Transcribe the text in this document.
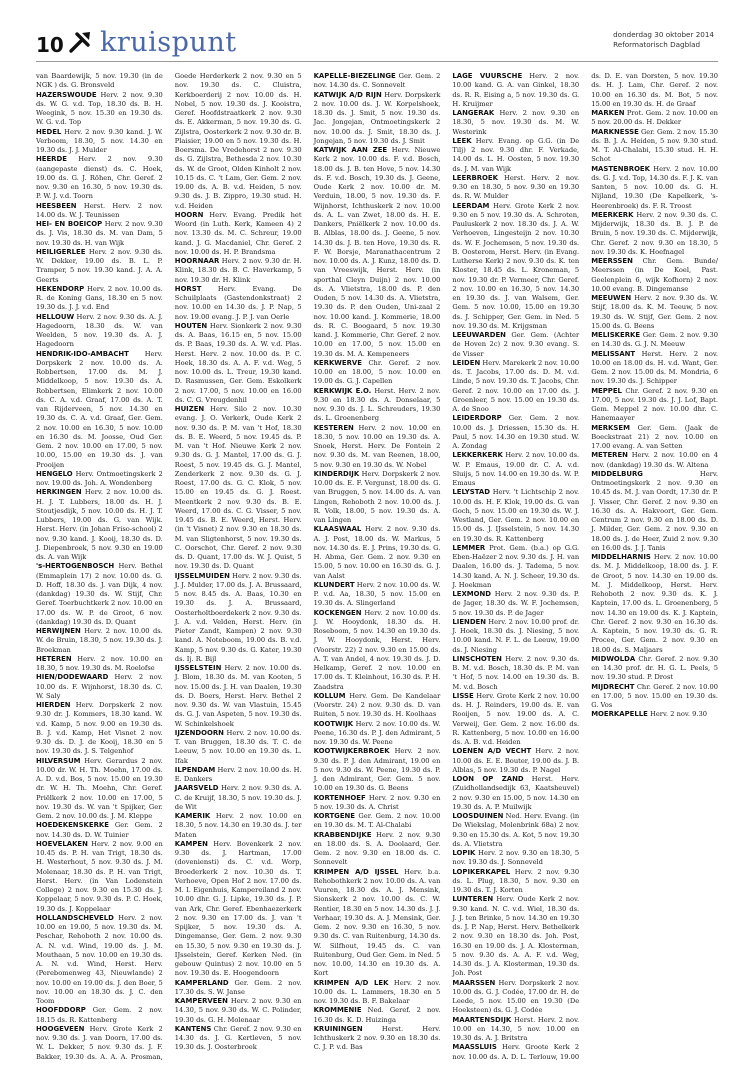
10 kruispunt	donderdag 30 oktober 2014
Reformatorisch Dagblad

van Baardewijk, 5 nov. 19.30 (in de NGK ) ds. G. Bronsveld

HAZERSWOUDE Herv. 2 nov. 9.30 ds. W. G. v.d. Top, 18.30 ds. B. H. Weegink, 5 nov. 15.30 en 19.30 ds. W. G. v.d. Top

HEDEL Herv. 2 nov. 9.30 kand. J. W. Verboom, 18.30, 5 nov. 14.30 en 19.30 ds. J. J. Mulder

HEERDE Herv. 2 nov. 9.30 (aangepaste dienst) ds. C. Hoek, 19.00 ds. G. J. Röhen, Chr. Geref. 2 nov. 9.30 en 16.30, 5 nov. 19.30 ds. P. W. J. v.d. Toorn

HEESBEEN Herst. Herv. 2 nov. 14.00 ds. W. J. Teunissen

HEI- EN BOEICOP Herv. 2 nov. 9.30 ds. J. Vis, 18.30 ds. M. van Dam, 5 nov. 19.30 ds. H. van Wijk

HEILIGERLEE Herv. 2 nov. 9.30 ds. W. Dekker, 19.00 ds. B. L. P. Tramper, 5 nov. 19.30 kand. J. A. A. Geerts

HEKENDORP Herv. 2 nov. 10.00 ds. R. de Koning Gans, 18.30 en 5 nov. 19.30 ds. J. J. v.d. End

HELLOUW Herv. 2 nov. 9.30 ds. A. J. Hagedoorn, 18.30 ds. W. van Weelden, 5 nov. 19.30 ds. A. J. Hagedoorn

HENDRIK-IDO-AMBACHT Herv. Dorpskerk 2 nov. 10.00 ds. A. Robbertsen, 17.00 ds. M. J. Middelkoop, 5 nov. 19.30 ds. A. Robbertsen, Elimkerk 2 nov. 10.00 ds. C. A. v.d. Graaf, 17.00 ds. A. T. van Rijderveen, 5 nov. 14.30 en 19.30 ds. C. A. v.d. Graaf, Ger. Gem. 2 nov. 10.00 en 16.30, 5 nov. 10.00 en 16.30 ds. M. Joosse, Oud Ger. Gem. 2 nov. 10.00 en 17.00, 5 nov. 10.00, 15.00 en 19.30 ds. J. van Prooijen

HENGELO Herv. Ontmoetingskerk 2 nov. 19.00 ds. Joh. A. Wondenberg

HERKINGEN Herv. 2 nov. 10.00 ds. H. J. T. Lubbers, 18.00 ds. H. J. Stoutjesdijk, 5 nov. 10.00 ds. H. J. T. Lubbers, 19.00 ds. G. van Wijk. Herst. Herv. (in Johan Friso-school) 2 nov. 9.30 kand. J. Kooij, 18.30 ds. D. J. Diepenbroek, 5 nov. 9.30 en 19.00 ds. A. van Wijk

's-HERTOGENBOSCH Herv. Bethel (Emmaplein 17) 2 nov. 10.00 ds. G. D. Hoff, 18.30 ds. J. van Dijk, 4 nov. (dankdag) 19.30 ds. W. Stijf, Chr. Geref. Toerbuchtkerk 2 nov. 10.00 en 17.00 ds. W. P. de Groot, 6 nov. (dankdag) 19.30 ds. D. Quant

HERWIJNEN Herv. 2 nov. 10.00 ds. W. de Bruin, 18.30, 5 nov. 19.30 ds. J. Broekman

HETEREN Herv. 2 nov. 10.00 en 18.30, 5 nov. 19.30 ds. M. Roelofse

HIEN/DODEWAARD Herv. 2 nov. 10.00 ds. F. Wijnhorst, 18.30 ds. C. W. Saly

HIERDEN Herv. Dorpskerk 2 nov. 9.30 dr. J. Kommers, 18.30 kand. W. v.d. Kamp, 5 nov. 9.00 en 19.30 ds. B. J. v.d. Kamp, Het Visnet 2 nov. 9.30 ds. D. J. de Kooij, 18.30 en 5 nov. 19.30 ds. J. S. Telgenhof

HILVERSUM Herv. Gerardus 2 nov. 10.00 dr. W. H. Th. Moehn, 17.00 ds. A. D. v.d. Bos, 5 nov. 15.00 en 19.30 dr. W. H. Th. Moehn, Chr. Geref. Priëlkerk 2 nov. 10.00 en 17.00, 5 nov. 19.30 ds. W. van 't Spijker, Ger. Gem. 2 nov. 10.00 ds. J. M. Kleppe

HOEDEKENSKERKE Ger. Gem. 2 nov. 14.30 ds. D. W. Tuinier

HOEVELAKEN Herv. 2 nov. 9.00 en 10.45 ds. P. H. van Trigt, 18.30 ds. H. Westerhout, 5 nov. 9.30 ds. J. M. Molenaar, 18.30 ds. P. H. van Trigt, Herst. Herv. (in Van Lodenstein College) 2 nov. 9.30 en 15.30 ds. J. Koppelaar, 5 nov. 9.30 ds. P. C. Hoek, 19.30 ds. J. Koppelaar

HOLLANDSCHEVELD Herv. 2 nov. 10.00 en 19.00, 5 nov. 19.30 ds. M. Peschar, Rehoboth 2 nov. 10.00 ds. A. N. v.d. Wind, 19.00 ds. J. M. Mouthaan, 5 nov. 10.00 en 19.30 ds. A. N. v.d. Wind, Herst. Herv. (Perebomenweg 43, Nieuwlande) 2 nov. 10.00 en 19.00 ds. J. den Boer, 5 nov. 10.00 en 18.30 ds. J. C. den Toom

HOOFDDORP Ger. Gem. 2 nov. 18.15 ds. R. Kattenberg

HOOGEVEEN Herv. Grote Kerk 2 nov. 9.30 ds. J. van Doorn, 17.00 ds. W. L. Dekker, 5 nov. 9.30 ds. J. F. Bakker, 19.30 ds. A. A. A. Prosman, Goede Herderkerk 2 nov. 9.30 en 5 nov. 19.30 ds. C. Cluistra, Kerkboerderij 2 nov. 10.00 ds. H. Nobel, 5 nov. 19.30 ds. J. Kooistra, Geref. Hoofdstraatkerk 2 nov. 9.30 ds. E. Akkerman, 5 nov. 19.30 ds. G. Zijlstra, Oosterkerk 2 nov. 9.30 dr. B. Plaisier, 19.00 en 5 nov. 19.30 ds. H. Boersma. De Vredehorst 2 nov. 9.30 ds. G. Zijlstra, Bethesda 2 nov. 10.30 ds. W. de Groot, Olden Kinholt 2 nov. 10.15 ds. C. 't Lam, Ger. Gem. 2 nov. 19.00 ds. A. B. v.d. Heiden, 5 nov. 9.30 ds. J. B. Zippro, 19.30 stud. H. v.d. Heiden

HOORN Herv. Evang. Predik het Woord (in Luth. Kerk, Kameen 4) 2 nov. 13.30 ds. M. C. Schreur, 19.00 kand. J. G. Macdaniel, Chr. Geref. 2 nov. 10.00 ds. H. P. Brandsma

HOORNAAR Herv. 2 nov. 9.30 dr. H. Klink, 18.30 ds. B. C. Haverkamp, 5 nov. 19.30 dr. H. Klink

HORST Herv. Evang. De Schuilplaats (Gastendonkstraat) 2 nov. 10.00 en 14.30 ds. J. P. Nap, 5 nov. 19.00 evang. J. P. J. van Oerle

HOUTEN Herv. Sionkerk 2 nov. 9.30 ds. A. Baas, 16.15 en, 5 nov. 15.00 ds. P. Baas, 19.30 ds. A. W. v.d. Plas. Herst. Herv. 2 nov. 10.00 ds. P. C. Hoek, 18.30 ds. A. A. F. v.d. Weg, 5 nov. 10.00 ds. L. Treur, 19.30 kand. D. Rasmussen, Ger. Gem. Eskolkerk 2 nov. 17.00, 5 nov. 10.00 en 16.00 ds. C. G. Vreugdenhil

HUIZEN Herv. Silo 2 nov. 10.30 evang. J. O. Verkerk, Oude Kerk 2 nov. 9.30 ds. P. M. van 't Hof, 18.30 ds. B. E. Weerd, 5 nov. 19.45 ds. P. M. van 't Hof. Nieuwe Kerk 2 nov. 9.30 ds. G. J. Mantel, 17.00 ds. G. J. Roest, 5 nov. 19.45 ds. G. J. Mantel, Zenderkerk 2 nov. 9.30 ds. G. J. Roest, 17.00 ds. G. C. Klok, 5 nov. 15.00 en 19.45 ds. G. J. Roest. Meentkerk 2 nov. 9.30 ds. B. E. Weerd, 17.00 ds. C. G. Visser, 5 nov. 19.45 ds. B. E. Weerd, Herst. Herv. (in 't Visnet) 2 nov. 9.30 en 18.30 ds. M. van Sligtenhorst, 5 nov. 19.30 ds. C. Oorschot, Chr. Geref. 2 nov. 9.30 ds. D. Quant, 17.00 ds. W. J. Quist, 5 nov. 19.30 ds. D. Quant

IJSSELMUIDEN Herv. 2 nov. 9.30 ds. J. J. Mulder, 17.00 ds. J. A. Brussaard, 5 nov. 8.45 ds. A. Baas, 10.30 en 19.30 ds. J. A. Brussaard, Oosterholtboerdekerk 2 nov. 9.30 ds. J. A. v.d. Velden, Herst. Herv. (in Pieter Zandt, Kampen) 2 nov. 9.30 kand. A. Noteboom, 19.00 ds. B. v.d. Kamp, 5 nov. 9.30 ds. G. Kater, 19.30 ds. Ij. R. Bijl

IJSSELSTEIN Herv. 2 nov. 10.00 ds. J. Blom, 18.30 ds. M. van Kooten, 5 nov. 15.00 ds. J. H. van Daalen, 19.30 ds. D. Boers, Herst. Herv. Bethel 2 nov. 9.30 ds. W. van Vlastuin, 15.45 ds. G. J. van Aspeten, 5 nov. 19.30 ds. W. Schinkelshoek

IJZENDOORN Herv. 2 nov. 10.00 ds. T. van Bruggen, 18.30 ds. T. C. de Leeuw, 5 nov. 10.00 en 19.30 ds. L. Ifak

ILPENDAM Herv. 2 nov. 10.00 ds. H. E. Dankers

JAARSVELD Herv. 2 nov. 9.30 ds. A. C. de Kruijf, 18.30, 5 nov. 19.30 ds. J. de Wit

KAMERIK Herv. 2 nov. 10.00 en 18.30, 5 nov. 14.30 en 19.30 ds. J. ter Maten

KAMPEN Herv. Bovenkerk 2 nov. 9.30 ds. J. Hartman, 17.00 (doveniensti) ds. C. v.d. Worp, Broederkerk 2 nov. 10.30 ds. T. Verhoeve, Open Hof 2 nov. 17.00 ds. M. I. Eigenhuis, Kampereiland 2 nov. 10.00 dhr. G. J. Lipke, 19.30 ds. J. P. van Ark, Chr. Geref. Ebenhaezerkerk 2 nov. 9.30 en 17.00 ds. J. van 't Spijker, 5 nov. 19.30 ds. A. Dingemanse, Ger. Gem. 2 nov. 9.30 en 15.30, 5 nov. 9.30 en 19.30 ds. J. IJsselstein, Geref. Kerken Ned. (in gebouw Quintus) 2 nov. 10.00 en 5 nov. 19.30 ds. E. Hoogendoorn

KAMPERLAND Ger. Gem. 2 nov. 17.30 ds. S. W. Janse

KAMPERVEEN Herv. 2 nov. 9.30 en 14.30, 5 nov. 9.30 ds. W. C. Polinder, 19.30 ds. G. H. Molenaar

KANTENS Chr. Geref. 2 nov. 9.30 en 14.30 ds. J. G. Kertleven, 5 nov. 19.30 ds. J. Oosterbroek

KAPELLE-BIEZELINGE Ger. Gem. 2 nov. 14.30 ds. C. Sonnevelt

KATWIJK A/D RIJN Herv. Dorpskerk 2 nov. 10.00 ds. J. W. Korpelshoek, 18.30 ds. J. Smit, 5 nov. 19.30 ds. Jac. Jongejan, Ontmoetingskerk 2 nov. 10.00 ds. J. Smit, 18.30 ds. J. Jongejan, 5 nov. 19.30 ds. J. Smit

KATWIJK AAN ZEE Herv. Nieuwe Kerk 2 nov. 10.00 ds. F. v.d. Bosch, 18.00 ds. J. B. ten Hove, 5 nov. 14.30 ds. F. v.d. Bosch, 19.30 ds. J. Geene, Oude Kerk 2 nov. 10.00 dr. M. Verduin, 18.00, 5 nov. 19.30 ds. F. Wijnhorst, Ichthuskerk 2 nov. 10.00 ds. A. L. van Zwet, 18.00 ds. H. E. Dankers, Pniëlkerk 2 nov. 10.00 ds. B. Alblas, 18.00 ds. J. Geene, 5 nov. 14.30 ds. J. B. ten Hove, 19.30 ds. R. F. W. Borsje, Maranathacentrum 2 nov. 10.00 ds. A. J. Kunz, 18.00 ds. D. van Vreeswijk, Herst. Herv. (in sporthal Cleyn Duijn) 2 nov. 10.00 ds. A. Vlietstra, 18.00 ds. P. den Ouden, 5 nov. 14.30 ds. A. Vlietstra, 19.30 ds. P. den Ouden, Uni-zaal 2 nov. 10.00 kand. J. Kommerie, 18.00 ds. R. C. Boogaard, 5 nov. 19.30 kand. J. Kommerie, Chr. Geref. 2 nov. 10.00 en 17.00, 5 nov. 15.00 en 19.30 ds. M. A. Kempeneers

KERKWERVE Chr. Geref. 2 nov. 10.00 en 18.00, 5 nov. 10.00 en 19.00 ds. G. J. Capellen

KERKWIJK E.O. Herst. Herv. 2 nov. 9.30 en 18.30 ds. A. Donselaar, 5 nov. 9.30 ds. J. L. Schreuders, 19.30 ds. L. Groenenberg

KESTEREN Herv. 2 nov. 10.00 en 18.30, 5 nov. 10.00 en 19.30 ds. A. Snoek, Herst. Herv. De Fontein 2 nov. 9.30 ds. M. van Reenen, 18.00, 5 nov. 9.30 en 19.30 ds. W. Nobel

KINDERDIJK Herv. Dorpskerk 2 nov. 10.00 ds. E. F. Vergunst, 18.00 ds. G. van Bruggen, 5 nov. 14.00 ds. A. van Lingen, Rehoboth 2 nov. 10.00 ds. J. R. Volk, 18.00, 5 nov. 19.30 ds. A. van Lingen

KLAASWAAL Herv. 2 nov. 9.30 ds. A. J. Post, 18.00 ds. W. Markus, 5 nov. 14.30 ds. E. J. Prins, 19.30 ds. G. H. Abma, Ger. Gem. 2 nov. 9.30 en 15.00, 5 nov. 10.00 en 16.30 ds. G. J. van Aalst

KLUNDERT Herv. 2 nov. 10.00 ds. W. P. v.d. Aa, 18.30, 5 nov. 15.00 en 19.30 ds. A. Slingerland

KOCKENGEN Herv. 2 nov. 10.00 ds. J. W. Hooydonk, 18.30 ds. H. Roseboom, 5 nov. 14.30 en 19.30 ds. J. W. Hooydonk, Herst. Herv. (Voorstr. 22) 2 nov. 9.30 en 15.00 ds. A. T. van Andel, 4 nov. 19.30 ds. J. D. Helkamp, Geref. 2 nov. 10.00 en 17.00 ds. T. Kleinhout, 16.30 ds. P. H. Zaadstra

KOLLUM Herv. Gem. De Kandelaar (Voorstr. 24) 2 nov. 9.30 ds. D. van Ruiten, 5 nov. 19.30 ds. H. Koolhaas

KOOTWIJK Herv. 2 nov. 10.00 ds. W. Peene, 16.30 ds. P. J. den Admirant, 5 nov. 19.30 ds. W. Peene

KOOTWIJKERBROEK Herv. 2 nov. 9.30 ds. P. J. den Admirant, 19.00 en 5 nov. 9.30 ds. W. Peene, 19.30 ds. P. J. den Admirant, Ger. Gem. 5 nov. 10.00 en 19.30 ds. G. Beens

KORTENHOEF Herv. 2 nov. 9.30 en 5 nov. 19.30 ds. A. Christ

KORTGENE Ger. Gem. 2 nov. 10.00 en 19.30 ds. M. T. Al-Chalabi

KRABBENDIJKE Herv. 2 nov. 9.30 en 18.00 ds. S. A. Doolaard, Ger. Gem. 2 nov. 9.30 en 18.00 ds. C. Sonnevelt

KRIMPEN A/D IJSSEL Herv. b.a. Rehobothkerk 2 nov. 10.00 ds. A. van Vuuren, 18.30 ds. A. J. Mensink, Sionskerk 2 nov. 10.00 ds. C. W. Rentier, 18.30 en 5 nov. 14.30 ds. J. J. Verhaar, 19.30 ds. A. J. Mensink, Ger. Gem. 2 nov. 9.30 en 16.30, 5 nov. 9.30 ds. C. van Ruitenburg, 14.30 ds. W. Silfhout, 19.45 ds. C. van Ruitenburg, Oud Ger. Gem. in Ned. 5 nov. 10.00, 14.30 en 19.30 ds. A. Kort

KRIMPEN A/D LEK Herv. 2 nov. 10.00 ds. L. Lammers, 18.30 en 5 nov. 19.30 ds. B. F. Bakelaar

KROMMENIE Ned. Geref. 2 nov. 16.30 ds. K. D. Huizinga

KRUININGEN	Herst. Herv. Ichthuskerk 2 nov. 9.30 en 18.30 ds. C. J. P. v.d. Bas

LAGE VUURSCHE Herv. 2 nov. 10.00 kand. G. A. van Ginkel, 18.30 ds. R. R. Eising a, 5 nov. 19.30 ds. G. H. Kruijmer

LANGERAK Herv. 2 nov. 9.30 en 18.30, 5 nov. 19.30 ds. M. W. Westerink

LEEK Herv. Evang. op G.G. (in De Tilj) 2 nov. 9.30 dhr. F. Verkade, 14.00 ds. L. H. Oosten, 5 nov. 19.30 ds. J. M. van Wijk

LEERBROEK Herst. Herv. 2 nov. 9.30 en 18.30, 5 nov. 9.30 en 19.30 ds. R. W. Mulder

LEERDAM Herv. Grote Kerk 2 nov. 9.30 en 5 nov. 19.30 ds. A. Schroten, Pauluskerk 2 nov. 18.30 ds. J. A. W. Verhoeven, Lingesteijn 2 nov. 10.30 ds. W. F. Jochemsen, 5 nov. 19.30 ds. B. Oosterom, Herst. Herv. (in Evang. Lutherse Kerk) 2 nov. 9.30 ds. K. ten Kloster, 18.45 ds. L. Kroneman, 5 nov. 19.30 dr. P. Vermeer, Chr. Geref. 2 nov. 10.00 en 16.30, 5 nov. 14.30 en 19.30 ds. J. van Walsem, Ger. Gem. 5 nov. 10.00, 15.00 en 19.30 ds. J. Schipper, Ger. Gem. in Ned. 5 nov. 19.30 ds. M. Krijgsman

LEEUWARDEN Ger. Gem. (Achter de Hoven 2c) 2 nov. 9.30 evang. S. de Visser

LEIDEN Herv. Marekerk 2 nov. 10.00 ds. T. Jacobs, 17.00 ds. D. M. v.d. Linde, 5 nov. 19.30 ds. T. Jacobs, Chr. Geref. 2 nov. 10.00 en 17.00 ds. J. Groenleer, 5 nov. 15.00 en 19.30 ds. A. de Snoo

LEIDERDORP Ger. Gem. 2 nov. 10.00 ds. J. Driessen, 15.30 ds. H. Paul, 5 nov. 14.30 en 19.30 stud. W. A. Zondag

LEKKERKERK Herv. 2 nov. 10.00 ds. W. P. Emaus, 19.00 dr. C. A. v.d. Sluijs, 5 nov. 14.00 en 19.30 ds. W. P. Emaus

LELYSTAD Herv. 't Lichtschip 2 nov. 10.00 ds. H. F. Klok, 19.00 ds. G. van Goch, 5 nov. 15.00 en 19.30 ds. W. J. Westland, Ger. Gem. 2 nov. 10.00 en 15.00 ds. J. IJsselstein, 5 nov. 14.30 en 19.30 ds. R. Kattenberg

LEMMER Prot. Gem. (b.a.) op G.G. Eben-Haëzer 2 nov. 9.30 ds. J. H. van Daalen, 16.00 ds. J. Tadema, 5 nov. 14.30 kand. A. N. J. Scheer, 19.30 ds. J. Hoekman

LEXMOND Herv. 2 nov. 9.30 ds. P. de Jager, 18.30 ds. W. F. Jochemsen, 5 nov. 19.30 ds. P. de Jager

LIENDEN Herv. 2 nov. 10.00 prof. dr. J. Hoek, 18.30 ds. J. Niesing, 5 nov. 10.00 kand. N. F. L. de Leeuw, 19.00 ds. J. Niesing

LINSCHOTEN Herv. 2 nov. 9.30 ds. B. M. v.d. Bosch, 18.30 ds. P. M. van 't Hof, 5 nov. 14.00 en 19.30 ds. B. M. v.d. Bosch

LISSE Herv. Grote Kerk 2 nov. 10.00 ds. H. J. Reinders, 19.00 ds. E. van Rooijen, 5 nov. 19.00 ds. A. C. Verweij, Ger. Gem. 2 nov. 16.00 ds. R. Kattenberg, 5 nov. 10.00 en 16.00 ds. A. B. v.d. Heiden

LOENEN A/D VECHT Herv. 2 nov. 10.00 ds. E. E. Bouter, 19.00 ds. J. B. Alblas, 5 nov. 19.30 ds. P. Nagel

LOON OP ZAND Herst. Herv. (Zuidhollandsedijk 63, Kaatsheuvel) 2 nov. 9.30 en 15.00, 5 nov. 14.30 en 19.30 ds. A. P. Muilwijk

LOOSDUINEN Ned. Herv. Evang. (in De Wiekslag, Molenbrink 68a) 2 nov. 9.30 en 15.30 ds. A. Kot, 5 nov. 19.30 ds. A. Vlietstra

LOPIK Herv. 2 nov. 9.30 en 18.30, 5 nov. 19.30 ds. J. Sonneveld

LOPIKERKAPEL Herv. 2 nov. 9.30 ds. L. Plug, 18.30, 5 nov. 9.30 en 19.30 ds. T. J. Korten

LUNTEREN Herv. Oude Kerk 2 nov. 9.30 kand. N. C. v.d. Wiel, 18.30 ds. J. J. ten Brinke, 5 nov. 14.30 en 19.30 ds. J. P. Nap, Herst. Herv. Bethelkerk 2 nov. 9.30 en 18.30 ds. Joh. Post, 16.30 en 19.00 ds. J. A. Klosterman, 5 nov. 9.30 ds. A. A. F. v.d. Weg, 14.30 ds. J. A. Klosterman, 19.30 ds. Joh. Post

MAARSSEN Herv. Dorpskerk 2 nov. 10.00 ds. G. J. Codée, 17.00 dr. H. de Leede, 5 nov. 15.00 en 19.30 (De Hoeksteen) ds. G. J. Codée

MAARTENSDIJK Herst. Herv. 2 nov. 10.00 en 14.30, 5 nov. 10.00 en 19.30 ds. A. J. Britstra

MAASSLUIS Herv. Groote Kerk 2 nov. 10.00 ds. A. D. L. Terlouw, 19.00 ds. D. E. van Dorsten, 5 nov. 19.30 ds. H. J. Lam, Chr. Geref. 2 nov. 10.00 en 16.30 ds. M. Bot, 5 nov. 15.00 en 19.30 ds. H. de Graaf

MARKEN Prot. Gem. 2 nov. 10.00 en 5 nov. 20.00 ds. H. Dekker

MARKNESSE Ger. Gem. 2 nov. 15.30 ds. B. J. A. Heiden, 5 nov. 9.30 stud. M. T. Al-Chalabi, 15.30 stud. H. H. Schot

MASTENBROEK Herv. 2 nov. 10.00 ds. G. J. v.d. Top, 14.30 ds. F. J. K. van Santen, 5 nov. 10.00 ds. G. H. Nijland, 19.30 (De Kapelkerk, 's-Heerenbroek) ds. F. R. Troost

MEERKERK Herv. 2 nov. 9.30 ds. C. Mijderwijk, 18.30 ds. B. J. P. de Bruin, 5 nov. 19.30 ds. C. Mijderwijk, Chr. Geref. 2 nov. 9.30 en 18.30, 5 nov. 19.30 ds. K. Hoefnagel

MEERSSEN Chr. Gem. Bunde/ Meerssen (in De Koel, Past. Geelenplein 6, wijk Kofhorn) 2 nov. 10.00 evang. B. Dingemanse

MEEUWEN Herv. 2 nov. 9.30 ds. W. Stijf, 18.00 ds. K. M. Teeuw, 5 nov. 19.30 ds. W. Stijf, Ger. Gem. 2 nov. 15.00 ds. G. Beens

MELISKERKE Ger. Gem. 2 nov. 9.30 en 14.30 ds. G. J. N. Meeuw

MELISSANT Herst. Herv. 2 nov. 10.00 en 18.00 ds. H. v.d. Want, Ger. Gem. 2 nov. 15.00 ds. M. Mondria, 6 nov. 19.30 ds. J. Schipper

MEPPEL Chr. Geref. 2 nov. 9.30 en 17.00, 5 nov. 19.30 ds. J. J. Lof, Bapt. Gem. Meppel 2 nov. 10.00 dhr. C. Hanemaayer

MERKSEM Ger. Gem. (Jaak de Boeckstraat 21) 2 nov. 10.00 en 17.00 evang. A. van Setten

METEREN Herv. 2 nov. 10.00 en 4 nov. (dankdag) 19.30 ds. W. Altena

MIDDELBURG	Herv. Ontmoetingskerk 2 nov. 9.30 en 10.45 ds. M. J. van Oordt, 17.30 dr. P. J. Visser, Chr. Geref. 2 nov. 9.30 en 16.30 ds. A. Hakvoort, Ger. Gem. Centrum 2 nov. 9.30 en 18.00 ds. D. J. Milder, Ger. Gem. 2 nov. 9.30 en 18.00 ds. J. de Heer, Zuid 2 nov. 9.30 en 16.00 ds. J. J. Tanis

MIDDELHARNIS Herv. 2 nov. 10.00 ds. M. J. Middelkoop, 18.00 ds. J. F. de Groot, 5 nov. 14.30 en 19.00 ds. M. J. Middelkoop, Herst. Herv. Rehoboth 2 nov. 9.30 ds. K. J. Kaptein, 17.00 ds. L. Groenenberg, 5 nov. 14.30 en 19.00 ds. K. J. Kaptein, Chr. Geref. 2 nov. 9.30 en 16.30 ds. A. Kaptein, 5 nov. 19.30 ds. G. R. Procee, Ger. Gem. 2 nov. 9.30 en 18.00 ds. S. Maljaars

MIDWOLDA Chr. Geref. 2 nov. 9.30 en 14.30 prof. dr. H. G. L. Peels, 5 nov. 19.30 stud. P. Drost

MIJDRECHT Chr. Geref. 2 nov. 10.00 en 17.00, 5 nov. 15.00 en 19.30 ds. G. Vos

MOERKAPELLE Herv. 2 nov. 9.30
